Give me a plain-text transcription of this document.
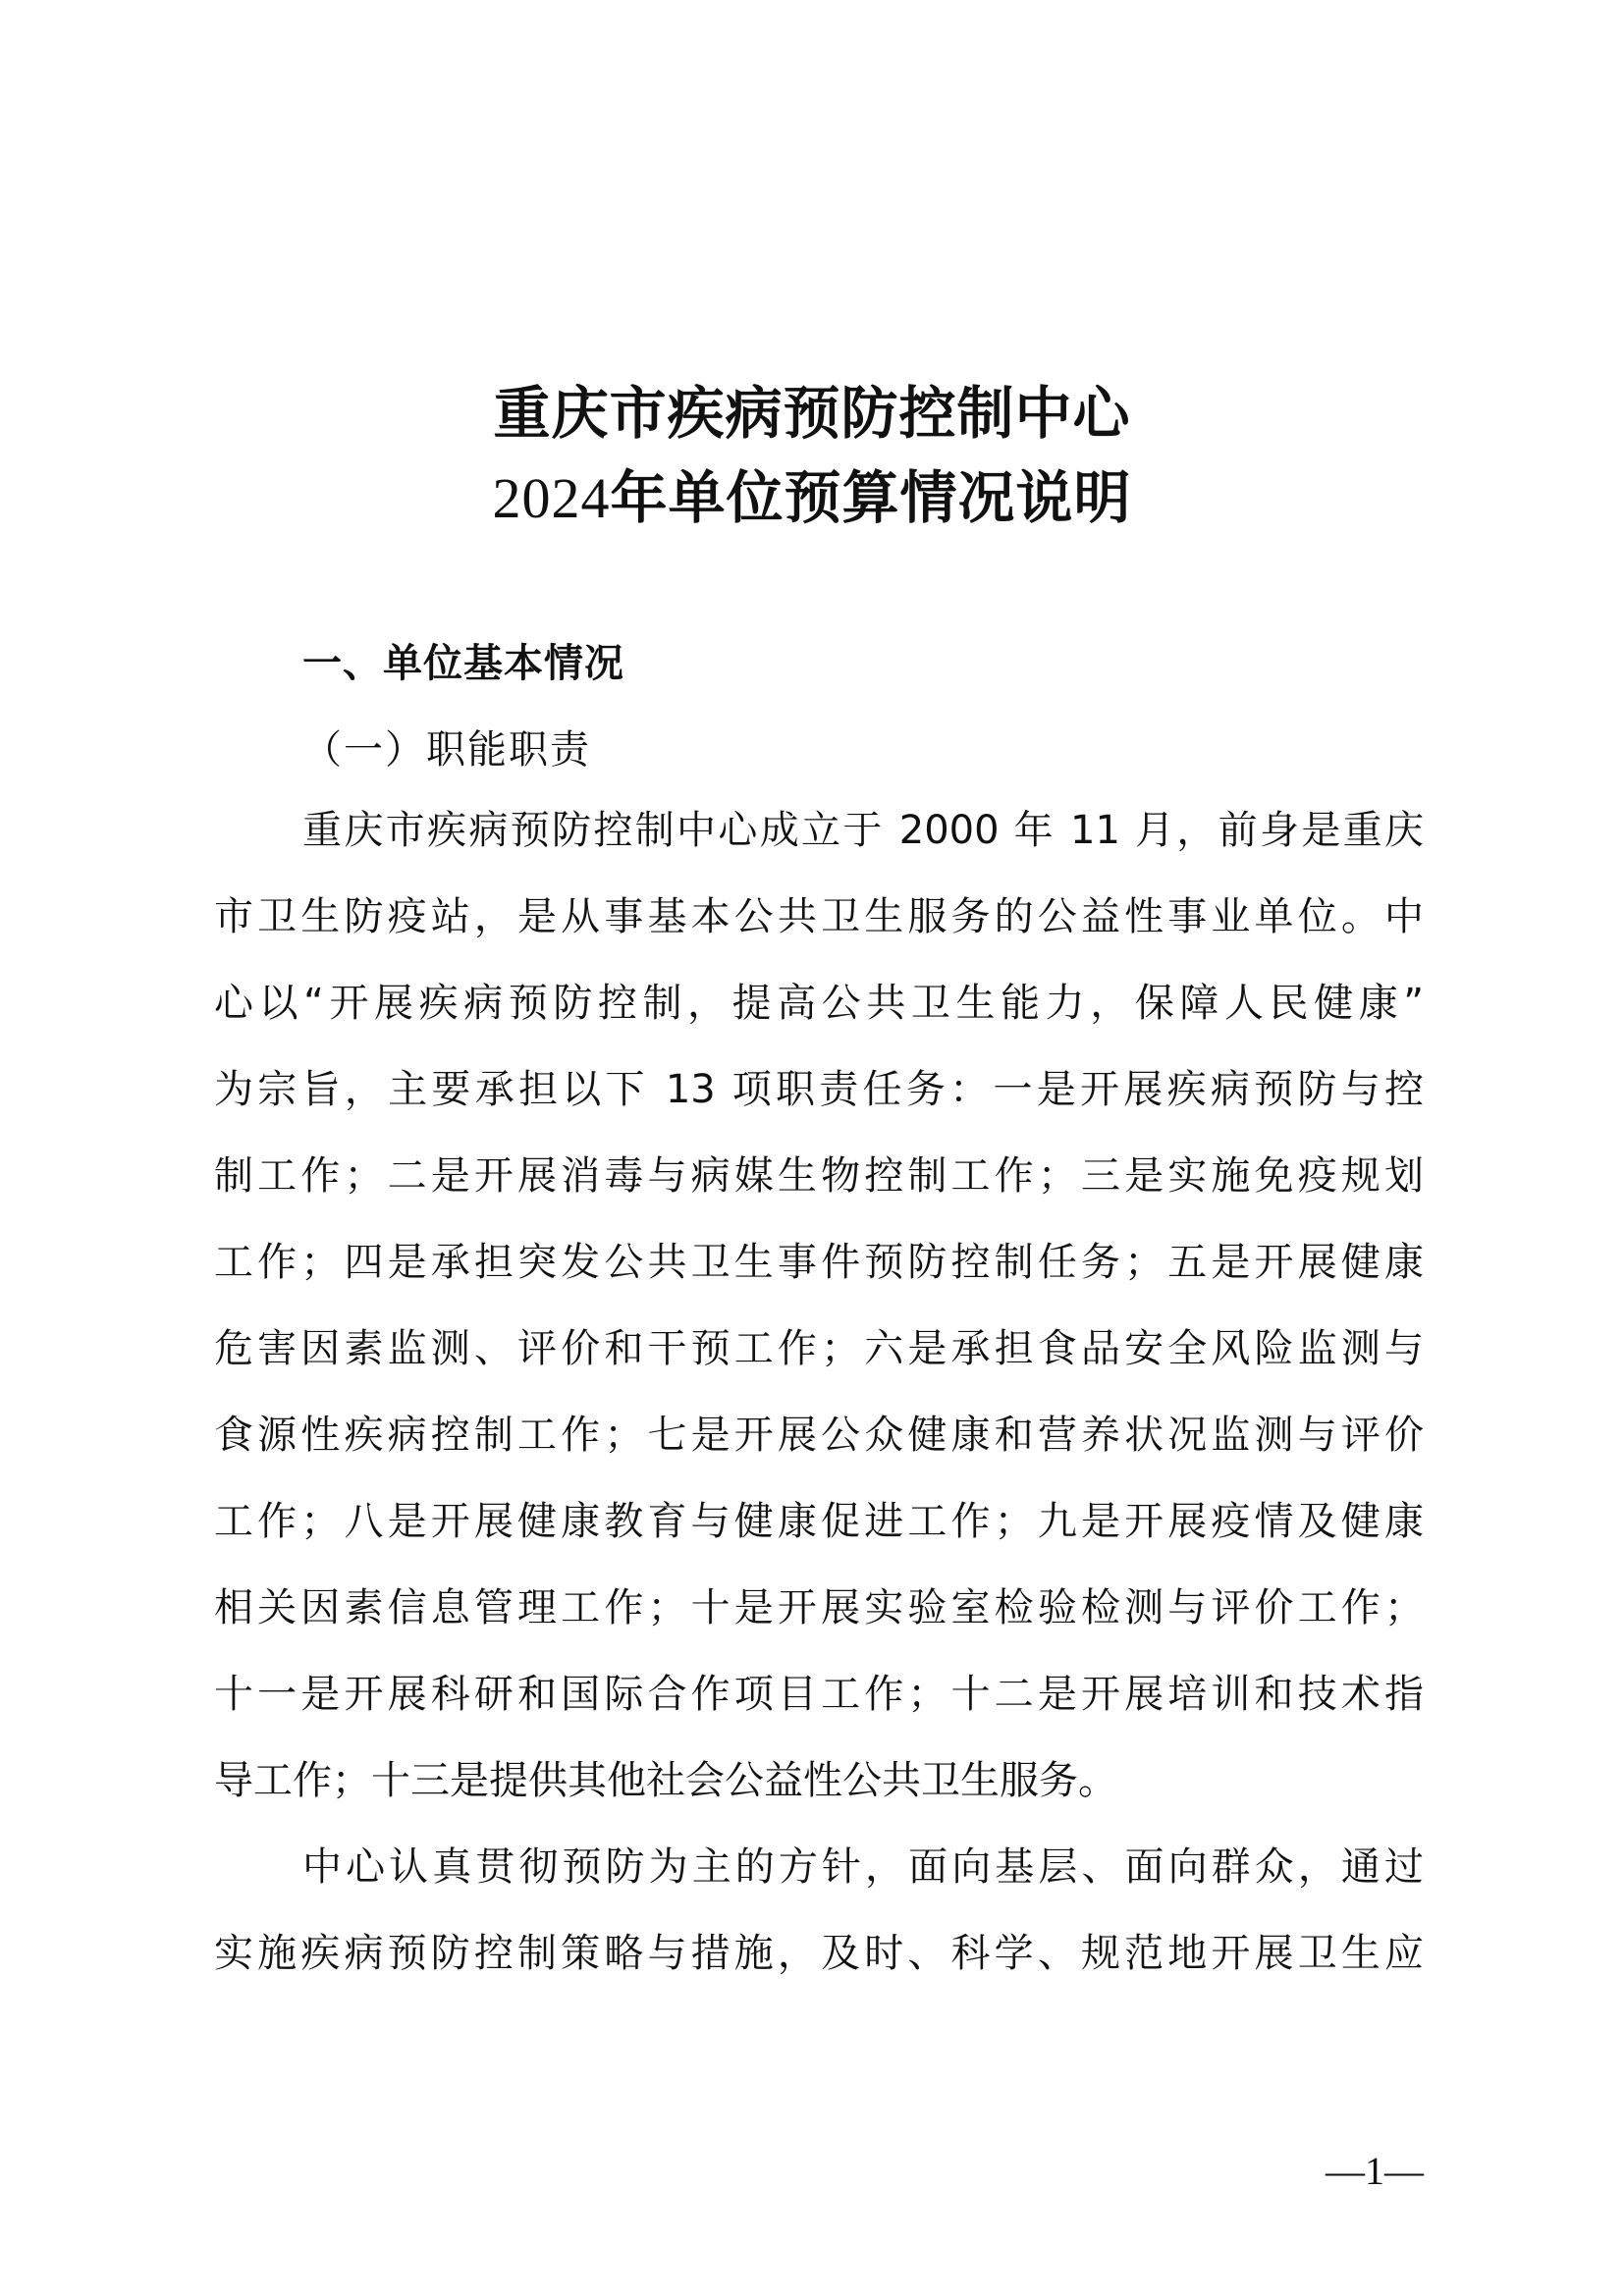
重庆市疾病预防控制中心
2024年单位预算情况说明
一、单位基本情况
（一）职能职责
重庆市疾病预防控制中心成立于 2000 年 11 月，前身是重庆
市卫生防疫站，是从事基本公共卫生服务的公益性事业单位。中
心以“开展疾病预防控制，提高公共卫生能力，保障人民健康”
为宗旨，主要承担以下 13 项职责任务：一是开展疾病预防与控
制工作；二是开展消毒与病媒生物控制工作；三是实施免疫规划
工作；四是承担突发公共卫生事件预防控制任务；五是开展健康
危害因素监测、评价和干预工作；六是承担食品安全风险监测与
食源性疾病控制工作；七是开展公众健康和营养状况监测与评价
工作；八是开展健康教育与健康促进工作；九是开展疫情及健康
相关因素信息管理工作；十是开展实验室检验检测与评价工作；
十一是开展科研和国际合作项目工作；十二是开展培训和技术指
导工作；十三是提供其他社会公益性公共卫生服务。
中心认真贯彻预防为主的方针，面向基层、面向群众，通过
实施疾病预防控制策略与措施，及时、科学、规范地开展卫生应
—1—
